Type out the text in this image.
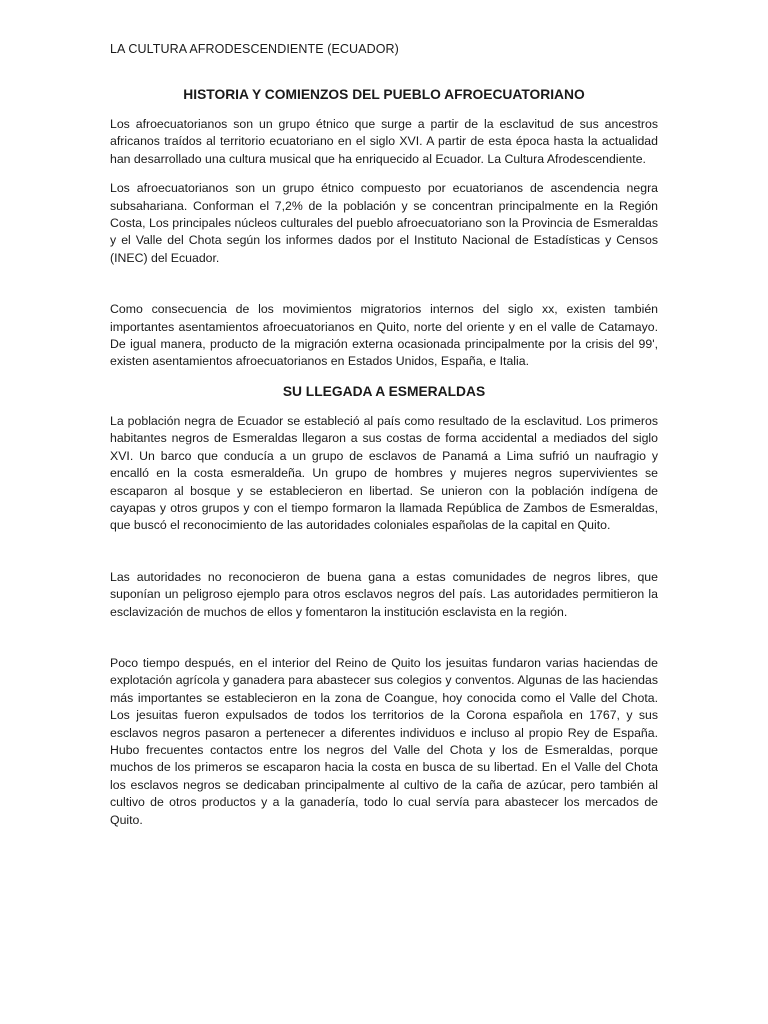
LA CULTURA AFRODESCENDIENTE (ECUADOR)
HISTORIA Y COMIENZOS DEL PUEBLO AFROECUATORIANO

Los afroecuatorianos son un grupo étnico que surge a partir de la esclavitud de sus ancestros africanos traídos al territorio ecuatoriano en el siglo XVI. A partir de esta época hasta la actualidad han desarrollado una cultura musical que ha enriquecido al Ecuador. La Cultura Afrodescendiente.

Los afroecuatorianos son un grupo étnico compuesto por ecuatorianos de ascendencia negra subsahariana. Conforman el 7,2% de la población y se concentran principalmente en la Región Costa, Los principales núcleos culturales del pueblo afroecuatoriano son la Provincia de Esmeraldas y el Valle del Chota según los informes dados por el Instituto Nacional de Estadísticas y Censos (INEC) del Ecuador.

Como consecuencia de los movimientos migratorios internos del siglo xx, existen también importantes asentamientos afroecuatorianos en Quito, norte del oriente y en el valle de Catamayo. De igual manera, producto de la migración externa ocasionada principalmente por la crisis del 99', existen asentamientos afroecuatorianos en Estados Unidos, España, e Italia.

SU LLEGADA A ESMERALDAS

La población negra de Ecuador se estableció al país como resultado de la esclavitud. Los primeros habitantes negros de Esmeraldas llegaron a sus costas de forma accidental a mediados del siglo XVI. Un barco que conducía a un grupo de esclavos de Panamá a Lima sufrió un naufragio y encalló en la costa esmeraldeña. Un grupo de hombres y mujeres negros supervivientes se escaparon al bosque y se establecieron en libertad. Se unieron con la población indígena de cayapas y otros grupos y con el tiempo formaron la llamada República de Zambos de Esmeraldas, que buscó el reconocimiento de las autoridades coloniales españolas de la capital en Quito.

Las autoridades no reconocieron de buena gana a estas comunidades de negros libres, que suponían un peligroso ejemplo para otros esclavos negros del país. Las autoridades permitieron la esclavización de muchos de ellos y fomentaron la institución esclavista en la región.

Poco tiempo después, en el interior del Reino de Quito los jesuitas fundaron varias haciendas de explotación agrícola y ganadera para abastecer sus colegios y conventos. Algunas de las haciendas más importantes se establecieron en la zona de Coangue, hoy conocida como el Valle del Chota. Los jesuitas fueron expulsados de todos los territorios de la Corona española en 1767, y sus esclavos negros pasaron a pertenecer a diferentes individuos e incluso al propio Rey de España. Hubo frecuentes contactos entre los negros del Valle del Chota y los de Esmeraldas, porque muchos de los primeros se escaparon hacia la costa en busca de su libertad. En el Valle del Chota los esclavos negros se dedicaban principalmente al cultivo de la caña de azúcar, pero también al cultivo de otros productos y a la ganadería, todo lo cual servía para abastecer los mercados de Quito.
